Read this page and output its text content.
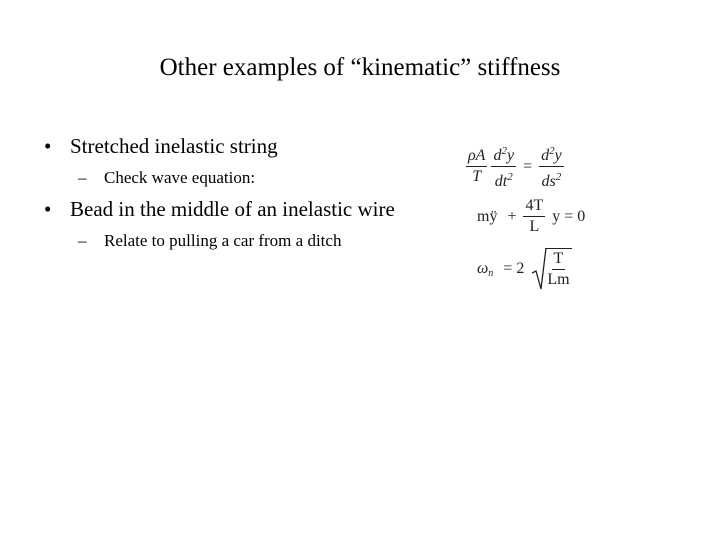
Other examples of “kinematic” stiffness
• Stretched inelastic string
– Check wave equation:
• Bead in the middle of an inelastic wire
– Relate to pulling a car from a ditch
$\frac{\rho A}{T}$
$\frac{d^2y}{dt^2} = \frac{d^2y}{ds^2}$
mÿ + $\frac{4T}{L}$ y = 0
$\omega_n = 2 \frac{T}{Lm}$
